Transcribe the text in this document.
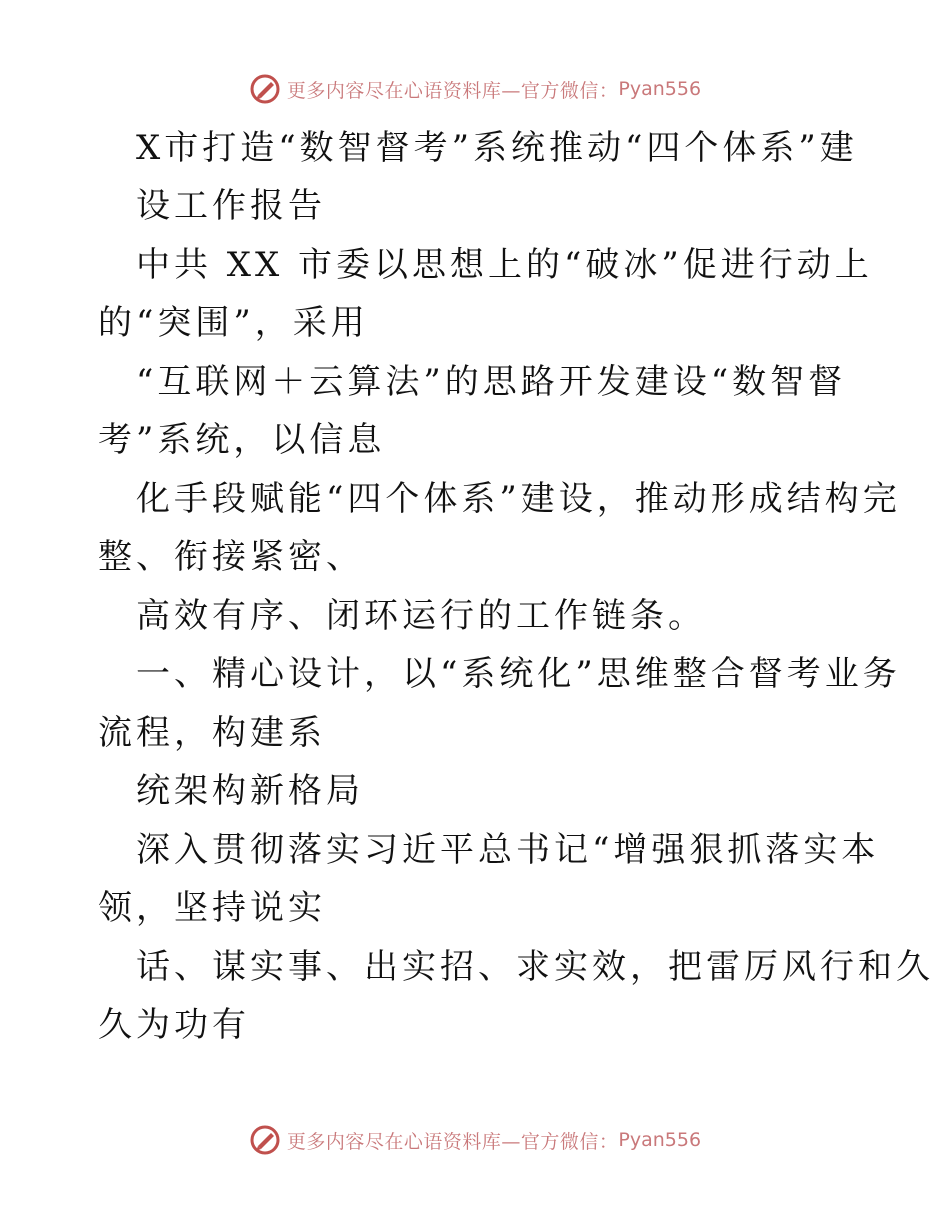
更多内容尽在心语资料库—官方微信： Pyan556
X市打造“数智督考”系统推动“四个体系”建
设工作报告
中共 XX 市委以思想上的“破冰”促进行动上
的“突围”，采用
“互联网＋云算法”的思路开发建设“数智督
考”系统，以信息
化手段赋能“四个体系”建设，推动形成结构完
整、衔接紧密、
高效有序、闭环运行的工作链条。
一、精心设计，以“系统化”思维整合督考业务
流程，构建系
统架构新格局
深入贯彻落实习近平总书记“增强狠抓落实本
领，坚持说实
话、谋实事、出实招、求实效，把雷厉风行和久
久为功有
更多内容尽在心语资料库—官方微信： Pyan556
